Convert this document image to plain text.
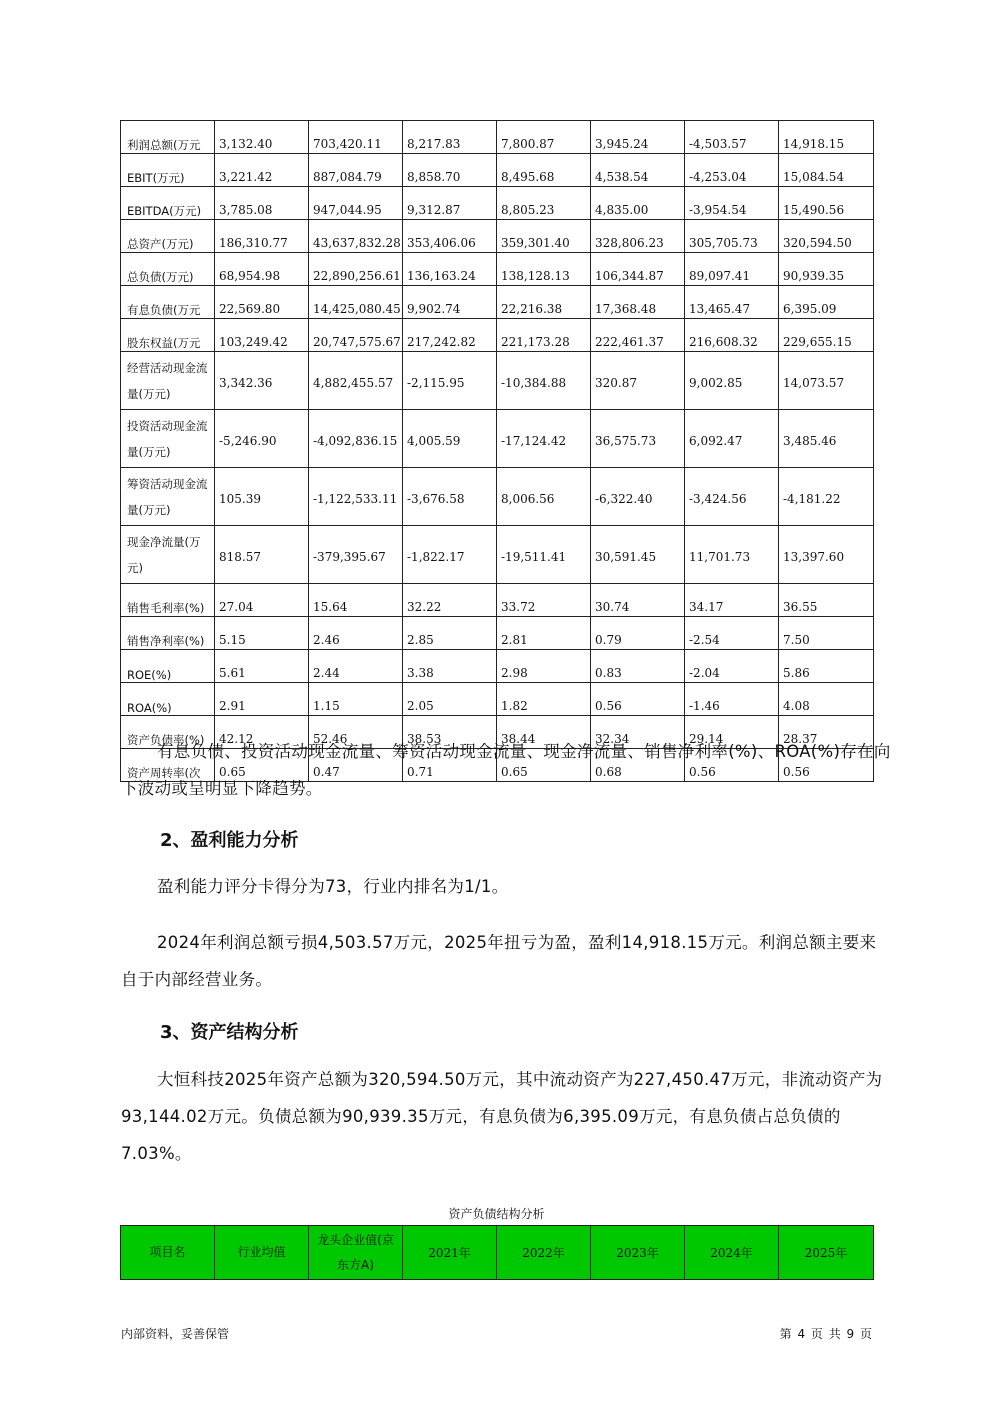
利润总额(万元	3,132.40	703,420.11	8,217.83	7,800.87	3,945.24	-4,503.57	14,918.15
EBIT(万元)	3,221.42	887,084.79	8,858.70	8,495.68	4,538.54	-4,253.04	15,084.54
EBITDA(万元)	3,785.08	947,044.95	9,312.87	8,805.23	4,835.00	-3,954.54	15,490.56
总资产(万元)	186,310.77	43,637,832.28	353,406.06	359,301.40	328,806.23	305,705.73	320,594.50
总负债(万元)	68,954.98	22,890,256.61	136,163.24	138,128.13	106,344.87	89,097.41	90,939.35
有息负债(万元	22,569.80	14,425,080.45	9,902.74	22,216.38	17,368.48	13,465.47	6,395.09
股东权益(万元	103,249.42	20,747,575.67	217,242.82	221,173.28	222,461.37	216,608.32	229,655.15
经营活动现金流量(万元)	3,342.36	4,882,455.57	-2,115.95	-10,384.88	320.87	9,002.85	14,073.57
投资活动现金流量(万元)	-5,246.90	-4,092,836.15	4,005.59	-17,124.42	36,575.73	6,092.47	3,485.46
筹资活动现金流量(万元)	105.39	-1,122,533.11	-3,676.58	8,006.56	-6,322.40	-3,424.56	-4,181.22
现金净流量(万元)	818.57	-379,395.67	-1,822.17	-19,511.41	30,591.45	11,701.73	13,397.60
销售毛利率(%)	27.04	15.64	32.22	33.72	30.74	34.17	36.55
销售净利率(%)	5.15	2.46	2.85	2.81	0.79	-2.54	7.50
ROE(%)	5.61	2.44	3.38	2.98	0.83	-2.04	5.86
ROA(%)	2.91	1.15	2.05	1.82	0.56	-1.46	4.08
资产负债率(%)	42.12	52.46	38.53	38.44	32.34	29.14	28.37
资产周转率(次	0.65	0.47	0.71	0.65	0.68	0.56	0.56
有息负债、投资活动现金流量、筹资活动现金流量、现金净流量、销售净利率(%)、ROA(%)存在向下波动或呈明显下降趋势。
2、盈利能力分析
盈利能力评分卡得分为73，行业内排名为1/1。
2024年利润总额亏损4,503.57万元，2025年扭亏为盈，盈利14,918.15万元。利润总额主要来自于内部经营业务。
3、资产结构分析
大恒科技2025年资产总额为320,594.50万元，其中流动资产为227,450.47万元，非流动资产为93,144.02万元。负债总额为90,939.35万元，有息负债为6,395.09万元，有息负债占总负债的7.03%。
资产负债结构分析
项目名	行业均值	龙头企业值(京东方A)	2021年	2022年	2023年	2024年	2025年
内部资料，妥善保管	第 4 页 共 9 页
